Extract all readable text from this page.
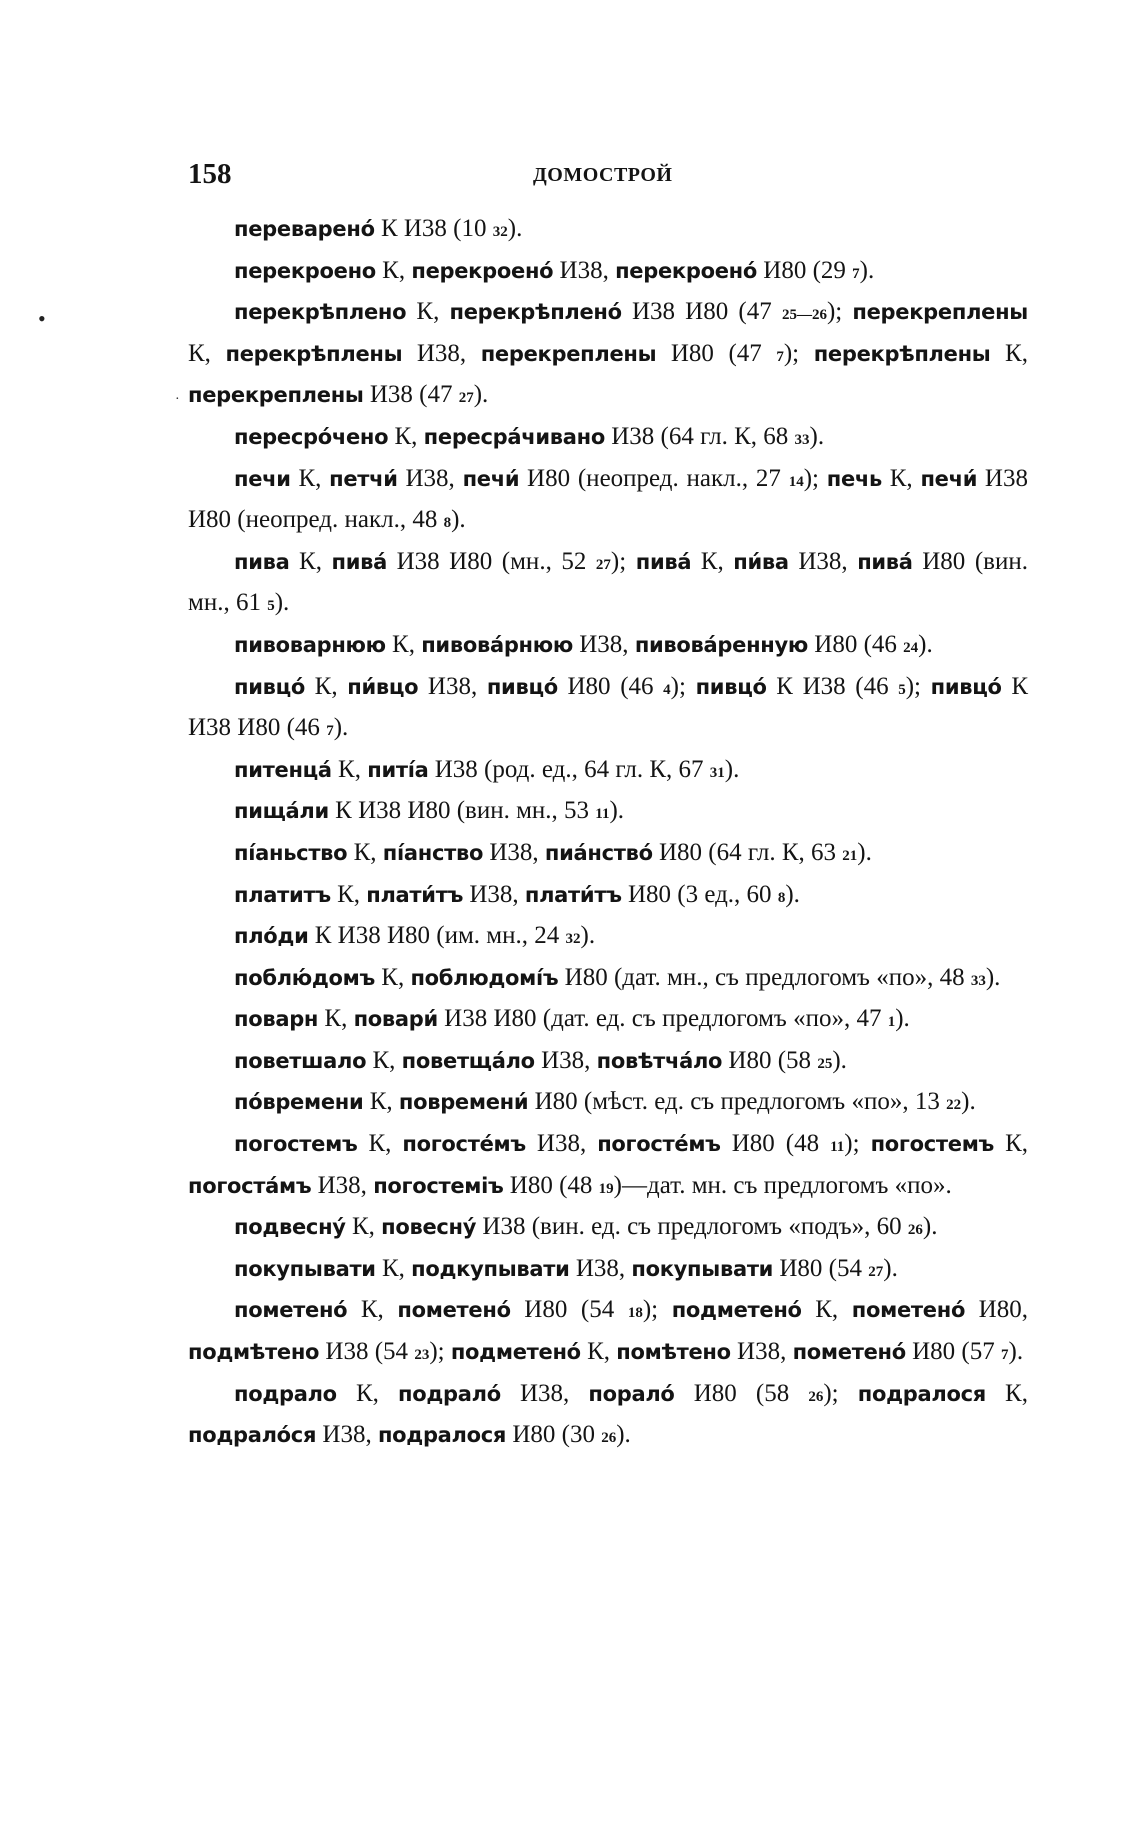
158	ДОМОСТРОЙ
•
·

переварено́ К И38 (10 32).

перекроено К, перекроено́ И38, перекроено́ И80 (29 7).

перекрѣплено К, перекрѣплено́ И38 И80 (47 25—26); перекреплены К, перекрѣплены И38, перекреплены И80 (47 7); перекрѣплены К, перекреплены И38 (47 27).

пересро́чено К, пересра́чивано И38 (64 гл. К, 68 33).

печи К, петчи́ И38, печи́ И80 (неопред. накл., 27 14); печь К, печи́ И38 И80 (неопред. накл., 48 8).

пива К, пива́ И38 И80 (мн., 52 27); пива́ К, пи́ва И38, пива́ И80 (вин. мн., 61 5).

пивоварнюю К, пивова́рнюю И38, пивова́ренную И80 (46 24).

пивцо́ К, пи́вцо И38, пивцо́ И80 (46 4); пивцо́ К И38 (46 5); пивцо́ К И38 И80 (46 7).

питенца́ К, питі́а И38 (род. ед., 64 гл. К, 67 31).

пища́ли К И38 И80 (вин. мн., 53 11).

пі́аньство К, пі́анство И38, пиа́нство́ И80 (64 гл. К, 63 21).

платитъ К, плати́тъ И38, плати́тъ И80 (3 ед., 60 8).

пло́ди К И38 И80 (им. мн., 24 32).

поблю́домъ К, поблюдомі́ъ И80 (дат. мн., съ предлогомъ «по», 48 33).

поварн К, повари́ И38 И80 (дат. ед. съ предлогомъ «по», 47 1).

поветшало К, поветща́ло И38, повѣтча́ло И80 (58 25).

по́времени К, повремени́ И80 (мѣст. ед. съ предлогомъ «по», 13 22).

погостемъ К, погосте́мъ И38, погосте́мъ И80 (48 11); погостемъ К, погоста́мъ И38, погостеміъ И80 (48 19)—дат. мн. съ предлогомъ «по».

подвесну́ К, повесну́ И38 (вин. ед. съ предлогомъ «подъ», 60 26).

покупывати К, подкупывати И38, покупывати И80 (54 27).

пометено́ К, пометено́ И80 (54 18); подметено́ К, пометено́ И80, подмѣтено И38 (54 23); подметено́ К, помѣтено И38, пометено́ И80 (57 7).

подрало К, подрало́ И38, порало́ И80 (58 26); подралося К, подрало́ся И38, подралося И80 (30 26).
